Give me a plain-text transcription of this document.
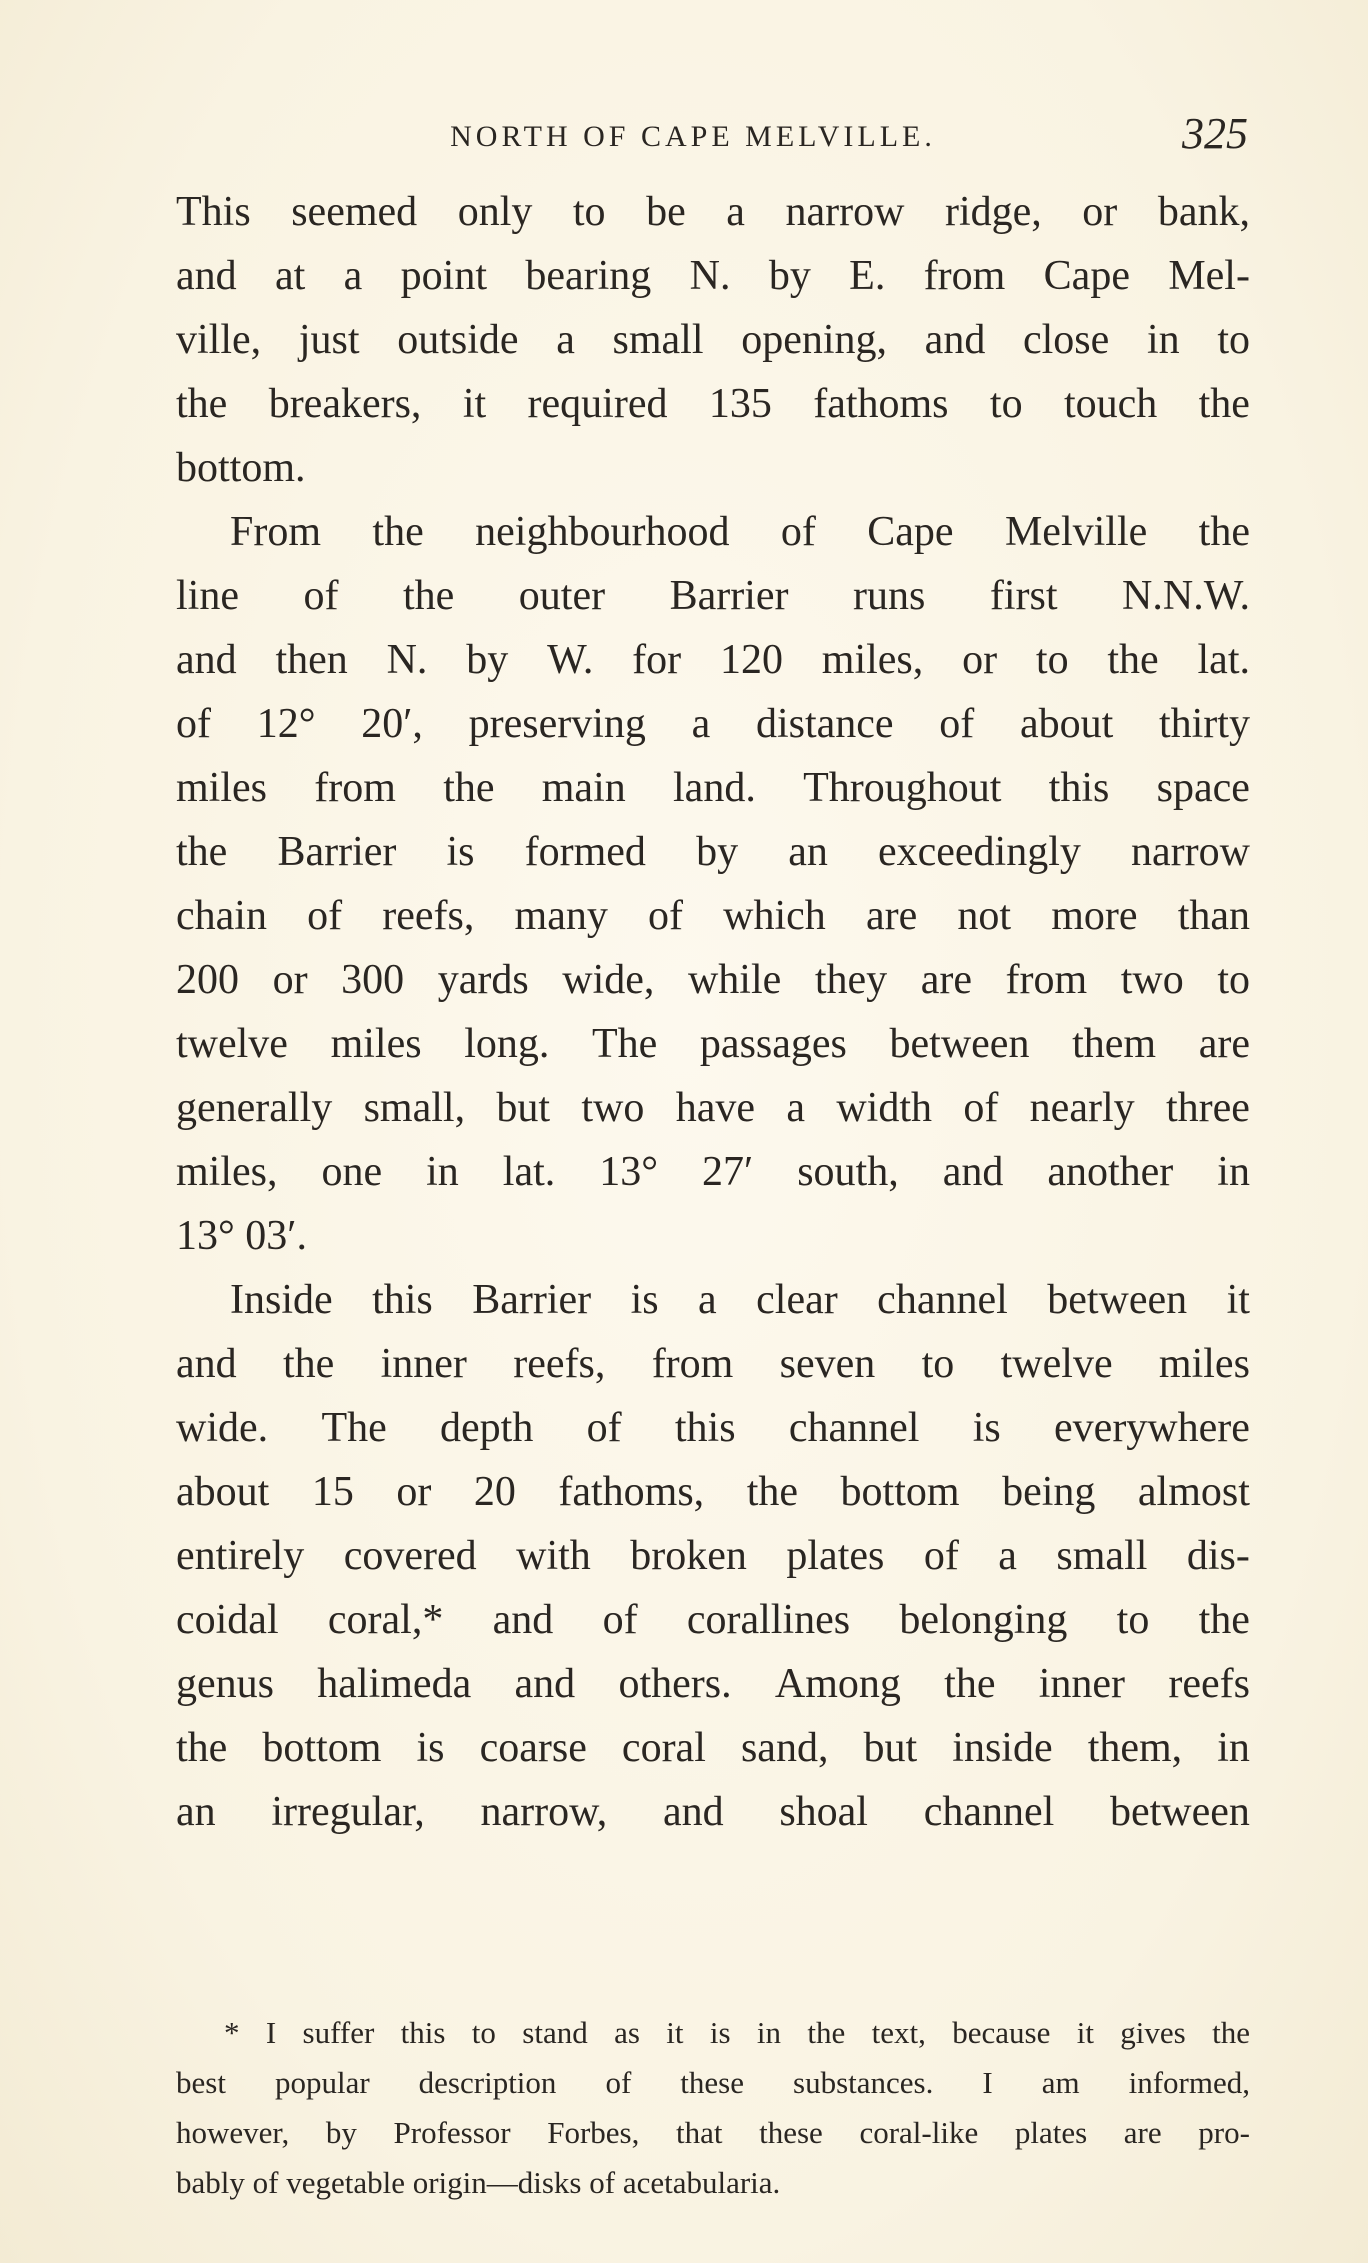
NORTH OF CAPE MELVILLE.	325
This seemed only to be a narrow ridge, or bank,
and at a point bearing N. by E. from Cape Mel-
ville, just outside a small opening, and close in to
the breakers, it required 135 fathoms to touch the
bottom.
From the neighbourhood of Cape Melville the
line of the outer Barrier runs first N.N.W.
and then N. by W. for 120 miles, or to the lat.
of 12° 20′, preserving a distance of about thirty
miles from the main land. Throughout this space
the Barrier is formed by an exceedingly narrow
chain of reefs, many of which are not more than
200 or 300 yards wide, while they are from two to
twelve miles long. The passages between them are
generally small, but two have a width of nearly three
miles, one in lat. 13° 27′ south, and another in
13° 03′.
Inside this Barrier is a clear channel between it
and the inner reefs, from seven to twelve miles
wide. The depth of this channel is everywhere
about 15 or 20 fathoms, the bottom being almost
entirely covered with broken plates of a small dis-
coidal coral,* and of corallines belonging to the
genus halimeda and others. Among the inner reefs
the bottom is coarse coral sand, but inside them, in
an irregular, narrow, and shoal channel between
* I suffer this to stand as it is in the text, because it gives the
best popular description of these substances. I am informed,
however, by Professor Forbes, that these coral-like plates are pro-
bably of vegetable origin—disks of acetabularia.
